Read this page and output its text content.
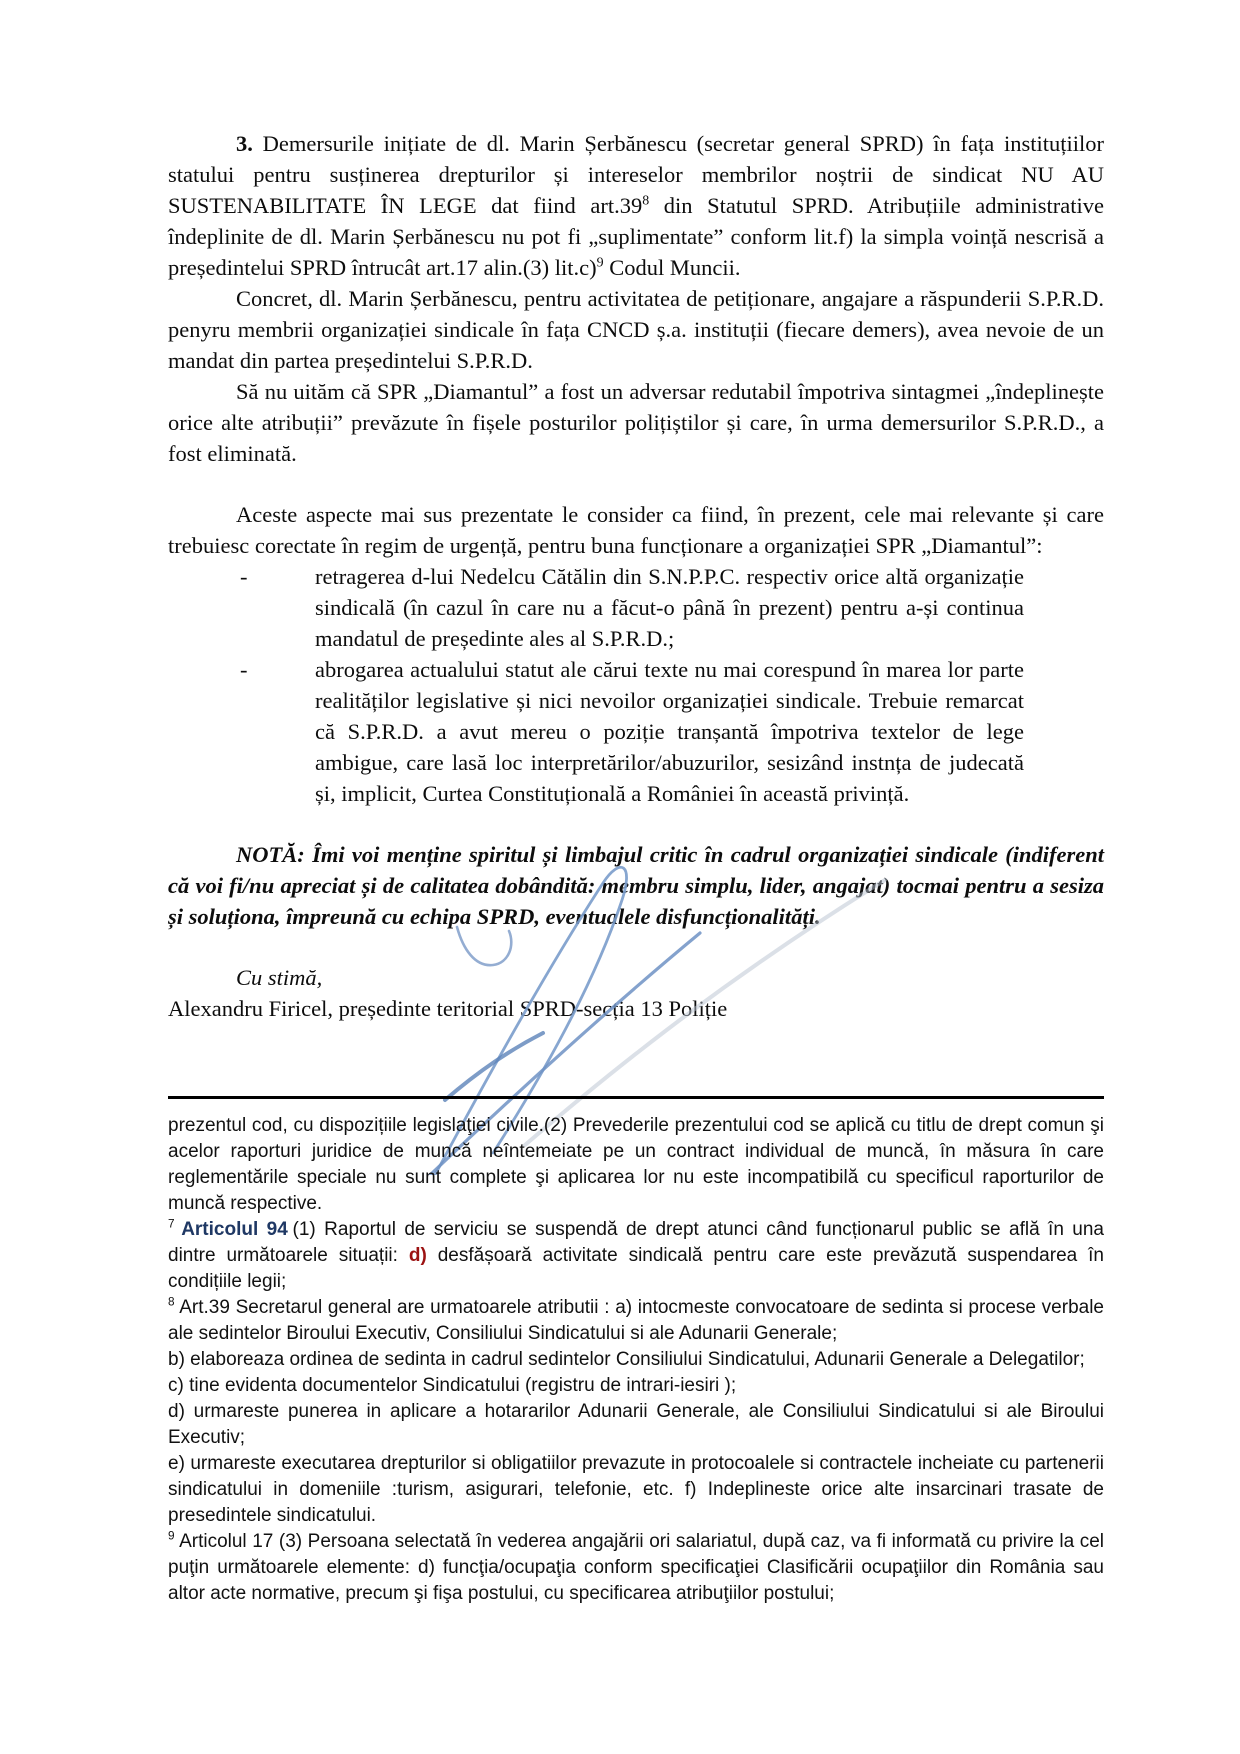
3. Demersurile inițiate de dl. Marin Șerbănescu (secretar general SPRD) în fața instituțiilor statului pentru susținerea drepturilor și intereselor membrilor noștrii de sindicat NU AU SUSTENABILITATE ÎN LEGE dat fiind $art.39^8$ din Statutul SPRD. Atribuțiile administrative îndeplinite de dl. Marin Șerbănescu nu pot fi „suplimentate” conform lit.f) la simpla voință nescrisă a președintelui SPRD întrucât art.17 alin.(3) lit.c)$^9$ Codul Muncii.

Concret, dl. Marin Șerbănescu, pentru activitatea de petiționare, angajare a răspunderii S.P.R.D. penyru membrii organizației sindicale în fața CNCD ș.a. instituții (fiecare demers), avea nevoie de un mandat din partea președintelui S.P.R.D.

Să nu uităm că SPR „Diamantul” a fost un adversar redutabil împotriva sintagmei „îndeplinește orice alte atribuții” prevăzute în fișele posturilor polițiștilor și care, în urma demersurilor S.P.R.D., a fost eliminată.

Aceste aspecte mai sus prezentate le consider ca fiind, în prezent, cele mai relevante și care trebuiesc corectate în regim de urgență, pentru buna funcționare a organizației SPR „Diamantul”:

-	retragerea d-lui Nedelcu Cătălin din S.N.P.P.C. respectiv orice altă organizație sindicală (în cazul în care nu a făcut-o până în prezent) pentru a-și continua mandatul de președinte ales al S.P.R.D.;
-	abrogarea actualului statut ale cărui texte nu mai corespund în marea lor parte realităților legislative și nici nevoilor organizației sindicale. Trebuie remarcat că S.P.R.D. a avut mereu o poziție tranșantă împotriva textelor de lege ambigue, care lasă loc interpretărilor/abuzurilor, sesizând instnța de judecată și, implicit, Curtea Constituțională a României în această privință.

NOTĂ: Îmi voi menține spiritul și limbajul critic în cadrul organizației sindicale (indiferent că voi fi/nu apreciat și de calitatea dobândită: membru simplu, lider, angajat) tocmai pentru a sesiza și soluționa, împreună cu echipa SPRD, eventualele disfuncționalități.

Cu stimă,

Alexandru Firicel, președinte teritorial SPRD-secția 13 Poliție

prezentul cod, cu dispozițiile legislaţiei civile.(2) Prevederile prezentului cod se aplică cu titlu de drept comun şi acelor raporturi juridice de muncă neîntemeiate pe un contract individual de muncă, în măsura în care reglementările speciale nu sunt complete şi aplicarea lor nu este incompatibilă cu specificul raporturilor de muncă respective.
$^7$ Articolul 94 (1) Raportul de serviciu se suspendă de drept atunci când funcționarul public se află în una dintre următoarele situații: d) desfășoară activitate sindicală pentru care este prevăzută suspendarea în condițiile legii;
$^8$ Art.39 Secretarul general are urmatoarele atributii : a) intocmeste convocatoare de sedinta si procese verbale ale sedintelor Biroului Executiv, Consiliului Sindicatului si ale Adunarii Generale;
b) elaboreaza ordinea de sedinta in cadrul sedintelor Consiliului Sindicatului, Adunarii Generale a Delegatilor;
c) tine evidenta documentelor Sindicatului (registru de intrari-iesiri );
d) urmareste punerea in aplicare a hotararilor Adunarii Generale, ale Consiliului Sindicatului si ale Biroului Executiv;
e) urmareste executarea drepturilor si obligatiilor prevazute in protocoalele si contractele incheiate cu partenerii sindicatului in domeniile :turism, asigurari, telefonie, etc. f) Indeplineste orice alte insarcinari trasate de presedintele sindicatului.
$^9$ Articolul 17 (3) Persoana selectată în vederea angajării ori salariatul, după caz, va fi informată cu privire la cel puţin următoarele elemente: d) funcţia/ocupaţia conform specificaţiei Clasificării ocupaţiilor din România sau altor acte normative, precum şi fişa postului, cu specificarea atribuţiilor postului;
